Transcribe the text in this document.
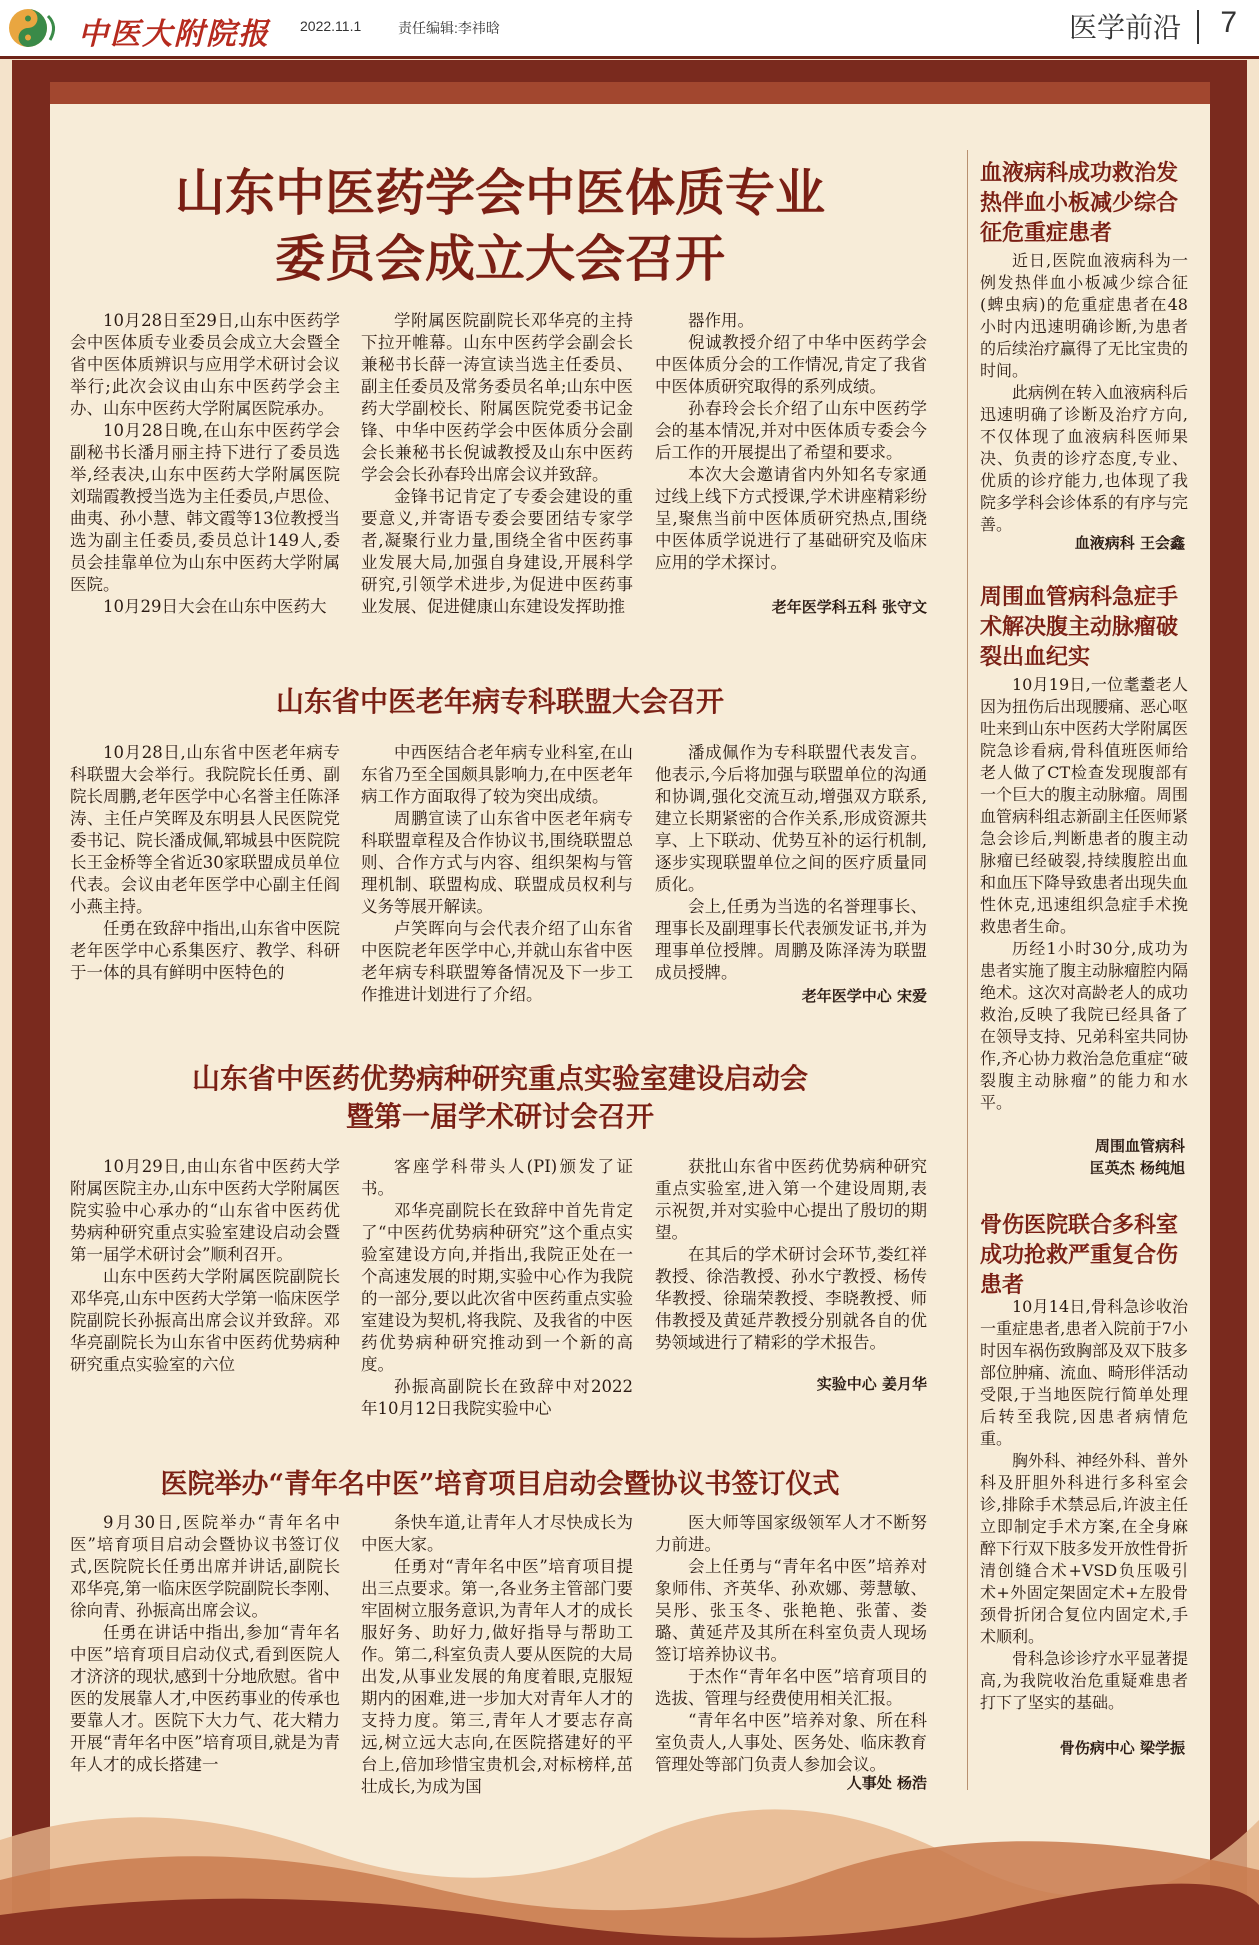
中医大附院报 2022.11.1	责任编辑:李祎晗	医学前沿 7
山东中医药学会中医体质专业
委员会成立大会召开

10月28日至29日,山东中医药学会中医体质专业委员会成立大会暨全省中医体质辨识与应用学术研讨会议举行;此次会议由山东中医药学会主办、山东中医药大学附属医院承办。

10月28日晚,在山东中医药学会副秘书长潘月丽主持下进行了委员选举,经表决,山东中医药大学附属医院刘瑞霞教授当选为主任委员,卢思俭、曲夷、孙小慧、韩文霞等13位教授当选为副主任委员,委员总计149人,委员会挂靠单位为山东中医药大学附属医院。

10月29日大会在山东中医药大

学附属医院副院长邓华亮的主持下拉开帷幕。山东中医药学会副会长兼秘书长薛一涛宣读当选主任委员、副主任委员及常务委员名单;山东中医药大学副校长、附属医院党委书记金锋、中华中医药学会中医体质分会副会长兼秘书长倪诚教授及山东中医药学会会长孙春玲出席会议并致辞。

金锋书记肯定了专委会建设的重要意义,并寄语专委会要团结专家学者,凝聚行业力量,围绕全省中医药事业发展大局,加强自身建设,开展科学研究,引领学术进步,为促进中医药事业发展、促进健康山东建设发挥助推

器作用。

倪诚教授介绍了中华中医药学会中医体质分会的工作情况,肯定了我省中医体质研究取得的系列成绩。

孙春玲会长介绍了山东中医药学会的基本情况,并对中医体质专委会今后工作的开展提出了希望和要求。

本次大会邀请省内外知名专家通过线上线下方式授课,学术讲座精彩纷呈,聚焦当前中医体质研究热点,围绕中医体质学说进行了基础研究及临床应用的学术探讨。

老年医学科五科 张守文
山东省中医老年病专科联盟大会召开

10月28日,山东省中医老年病专科联盟大会举行。我院院长任勇、副院长周鹏,老年医学中心名誉主任陈泽涛、主任卢笑晖及东明县人民医院党委书记、院长潘成佩,郓城县中医院院长王金桥等全省近30家联盟成员单位代表。会议由老年医学中心副主任阎小燕主持。

任勇在致辞中指出,山东省中医院老年医学中心系集医疗、教学、科研于一体的具有鲜明中医特色的

中西医结合老年病专业科室,在山东省乃至全国颇具影响力,在中医老年病工作方面取得了较为突出成绩。

周鹏宣读了山东省中医老年病专科联盟章程及合作协议书,围绕联盟总则、合作方式与内容、组织架构与管理机制、联盟构成、联盟成员权利与义务等展开解读。

卢笑晖向与会代表介绍了山东省中医院老年医学中心,并就山东省中医老年病专科联盟筹备情况及下一步工作推进计划进行了介绍。

潘成佩作为专科联盟代表发言。他表示,今后将加强与联盟单位的沟通和协调,强化交流互动,增强双方联系,建立长期紧密的合作关系,形成资源共享、上下联动、优势互补的运行机制,逐步实现联盟单位之间的医疗质量同质化。

会上,任勇为当选的名誉理事长、理事长及副理事长代表颁发证书,并为理事单位授牌。周鹏及陈泽涛为联盟成员授牌。

老年医学中心 宋爱
山东省中医药优势病种研究重点实验室建设启动会
暨第一届学术研讨会召开

10月29日,由山东省中医药大学附属医院主办,山东中医药大学附属医院实验中心承办的“山东省中医药优势病种研究重点实验室建设启动会暨第一届学术研讨会”顺利召开。

山东中医药大学附属医院副院长邓华亮,山东中医药大学第一临床医学院副院长孙振高出席会议并致辞。邓华亮副院长为山东省中医药优势病种研究重点实验室的六位

客座学科带头人(PI)颁发了证书。

邓华亮副院长在致辞中首先肯定了“中医药优势病种研究”这个重点实验室建设方向,并指出,我院正处在一个高速发展的时期,实验中心作为我院的一部分,要以此次省中医药重点实验室建设为契机,将我院、及我省的中医药优势病种研究推动到一个新的高度。

孙振高副院长在致辞中对2022年10月12日我院实验中心

获批山东省中医药优势病种研究重点实验室,进入第一个建设周期,表示祝贺,并对实验中心提出了殷切的期望。

在其后的学术研讨会环节,娄红祥教授、徐浩教授、孙水宁教授、杨传华教授、徐瑞荣教授、李晓教授、师伟教授及黄延芹教授分别就各自的优势领域进行了精彩的学术报告。

实验中心 姜月华
医院举办“青年名中医”培育项目启动会暨协议书签订仪式

9月30日,医院举办“青年名中医”培育项目启动会暨协议书签订仪式,医院院长任勇出席并讲话,副院长邓华亮,第一临床医学院副院长李刚、徐向青、孙振高出席会议。

任勇在讲话中指出,参加“青年名中医”培育项目启动仪式,看到医院人才济济的现状,感到十分地欣慰。省中医的发展靠人才,中医药事业的传承也要靠人才。医院下大力气、花大精力开展“青年名中医”培育项目,就是为青年人才的成长搭建一

条快车道,让青年人才尽快成长为中医大家。

任勇对“青年名中医”培育项目提出三点要求。第一,各业务主管部门要牢固树立服务意识,为青年人才的成长服好务、助好力,做好指导与帮助工作。第二,科室负责人要从医院的大局出发,从事业发展的角度着眼,克服短期内的困难,进一步加大对青年人才的支持力度。第三,青年人才要志存高远,树立远大志向,在医院搭建好的平台上,倍加珍惜宝贵机会,对标榜样,茁壮成长,为成为国

医大师等国家级领军人才不断努力前进。

会上任勇与“青年名中医”培养对象师伟、齐英华、孙欢娜、蒡慧敏、吴彤、张玉冬、张艳艳、张蕾、娄璐、黄延芹及其所在科室负责人现场签订培养协议书。

于杰作“青年名中医”培育项目的选拔、管理与经费使用相关汇报。

“青年名中医”培养对象、所在科室负责人,人事处、医务处、临床教育管理处等部门负责人参加会议。

人事处 杨浩
血液病科成功救治发热伴血小板减少综合征危重症患者

近日,医院血液病科为一例发热伴血小板减少综合征(蜱虫病)的危重症患者在48小时内迅速明确诊断,为患者的后续治疗赢得了无比宝贵的时间。

此病例在转入血液病科后迅速明确了诊断及治疗方向,不仅体现了血液病科医师果决、负责的诊疗态度,专业、优质的诊疗能力,也体现了我院多学科会诊体系的有序与完善。

血液病科 王会鑫
周围血管病科急症手术解决腹主动脉瘤破裂出血纪实

10月19日,一位耄耋老人因为扭伤后出现腰痛、恶心呕吐来到山东中医药大学附属医院急诊看病,骨科值班医师给老人做了CT检查发现腹部有一个巨大的腹主动脉瘤。周围血管病科组志新副主任医师紧急会诊后,判断患者的腹主动脉瘤已经破裂,持续腹腔出血和血压下降导致患者出现失血性休克,迅速组织急症手术挽救患者生命。

历经1小时30分,成功为患者实施了腹主动脉瘤腔内隔绝术。这次对高龄老人的成功救治,反映了我院已经具备了在领导支持、兄弟科室共同协作,齐心协力救治急危重症“破裂腹主动脉瘤”的能力和水平。

周围血管病科
匡英杰 杨纯旭
骨伤医院联合多科室成功抢救严重复合伤患者

10月14日,骨科急诊收治一重症患者,患者入院前于7小时因车祸伤致胸部及双下肢多部位肿痛、流血、畸形伴活动受限,于当地医院行简单处理后转至我院,因患者病情危重。

胸外科、神经外科、普外科及肝胆外科进行多科室会诊,排除手术禁忌后,许波主任立即制定手术方案,在全身麻醉下行双下肢多发开放性骨折清创缝合术+VSD负压吸引术+外固定架固定术+左股骨颈骨折闭合复位内固定术,手术顺利。

骨科急诊诊疗水平显著提高,为我院收治危重疑难患者打下了坚实的基础。

骨伤病中心 梁学振
